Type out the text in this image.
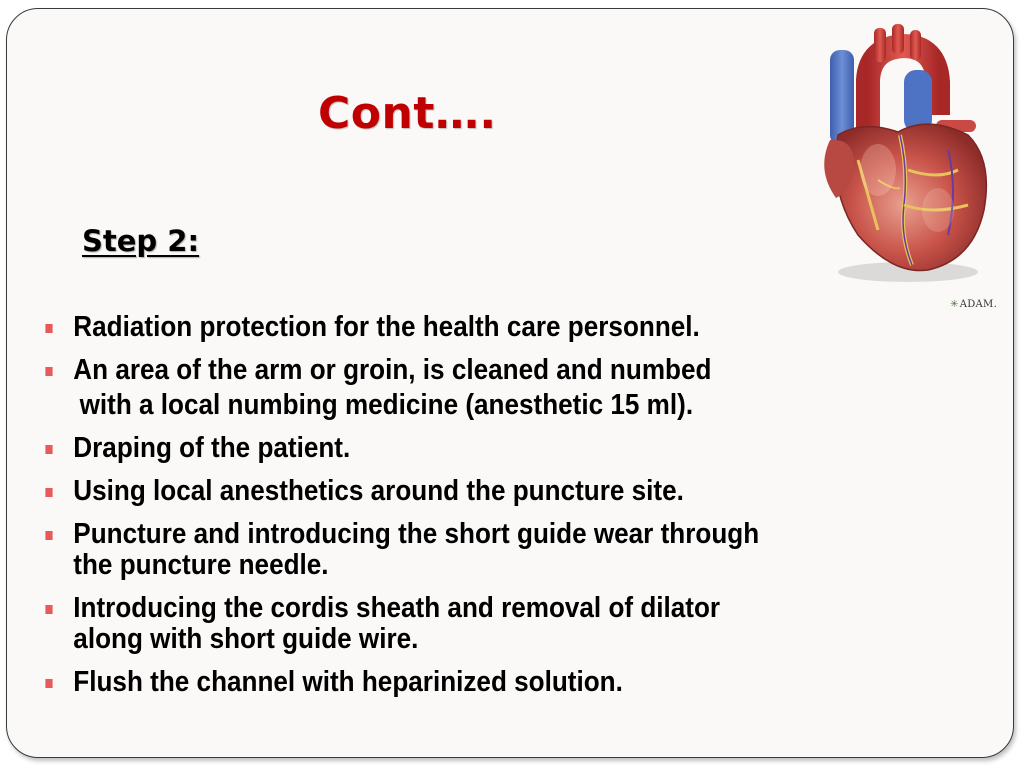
Cont….
Step 2:
Radiation protection for the health care personnel.
An area of the arm or groin, is cleaned and numbed
with a local numbing medicine (anesthetic 15 ml).
Draping of the patient.
Using local anesthetics around the puncture site.
Puncture and introducing the short guide wear through the puncture needle.
Introducing the cordis sheath and removal of dilator along with short guide wire.
Flush the channel with heparinized solution.
✳ADAM.
